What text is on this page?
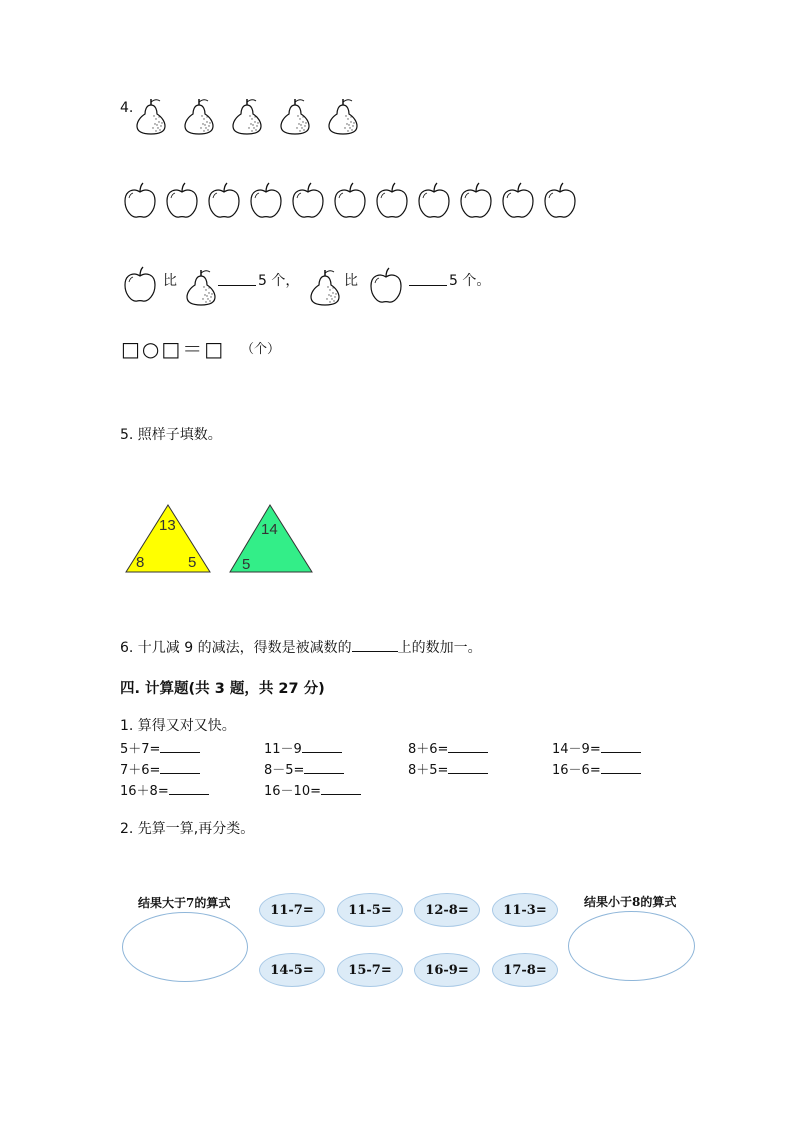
4.
比	5 个，	比	5 个。
□○□＝□ （个）
5. 照样子填数。
13
8	5
14
5
6. 十几减 9 的减法，得数是被减数的	上的数加一。
四. 计算题(共 3 题，共 27 分)
1. 算得又对又快。
5＋7=	11－9	8＋6=	14－9=
7＋6=	8－5=	8＋5=	16－6=
16＋8=	16－10=
2. 先算一算,再分类。
结果大于7的算式	结果小于8的算式
11-7=	11-5=	12-8=	11-3=
14-5=	15-7=	16-9=	17-8=
